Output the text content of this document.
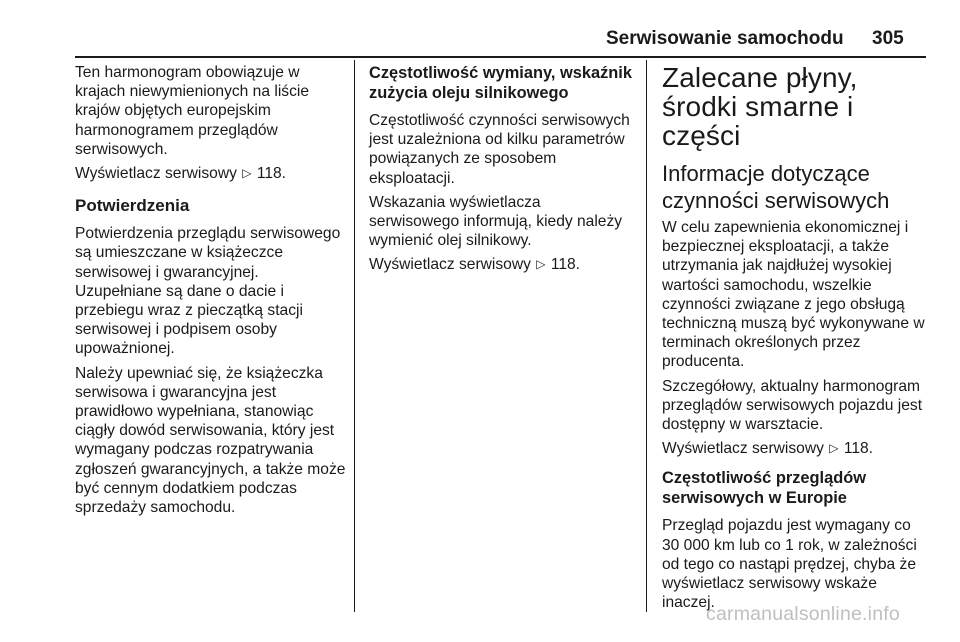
Serwisowanie samochodu 305

Ten harmonogram obowiązuje w krajach niewymienionych na liście krajów objętych europejskim harmonogramem przeglądów serwisowych.

Wyświetlacz serwisowy ▷ 118.

Potwierdzenia

Potwierdzenia przeglądu serwisowego są umieszczane w książeczce serwisowej i gwarancyjnej. Uzupełniane są dane o dacie i przebiegu wraz z pieczątką stacji serwisowej i podpisem osoby upoważnionej.

Należy upewniać się, że książeczka serwisowa i gwarancyjna jest prawidłowo wypełniana, stanowiąc ciągły dowód serwisowania, który jest wymagany podczas rozpatrywania zgłoszeń gwarancyjnych, a także może być cennym dodatkiem podczas sprzedaży samochodu.

Częstotliwość wymiany, wskaźnik zużycia oleju silnikowego

Częstotliwość czynności serwisowych jest uzależniona od kilku parametrów powiązanych ze sposobem eksploatacji.

Wskazania wyświetlacza serwisowego informują, kiedy należy wymienić olej silnikowy.

Wyświetlacz serwisowy ▷ 118.

Zalecane płyny, środki smarne i części
Informacje dotyczące czynności serwisowych

W celu zapewnienia ekonomicznej i bezpiecznej eksploatacji, a także utrzymania jak najdłużej wysokiej wartości samochodu, wszelkie czynności związane z jego obsługą techniczną muszą być wykonywane w terminach określonych przez producenta.

Szczegółowy, aktualny harmonogram przeglądów serwisowych pojazdu jest dostępny w warsztacie.

Wyświetlacz serwisowy ▷ 118.

Częstotliwość przeglądów serwisowych w Europie

Przegląd pojazdu jest wymagany co 30 000 km lub co 1 rok, w zależności od tego co nastąpi prędzej, chyba że wyświetlacz serwisowy wskaże inaczej.

carmanualsonline.info
